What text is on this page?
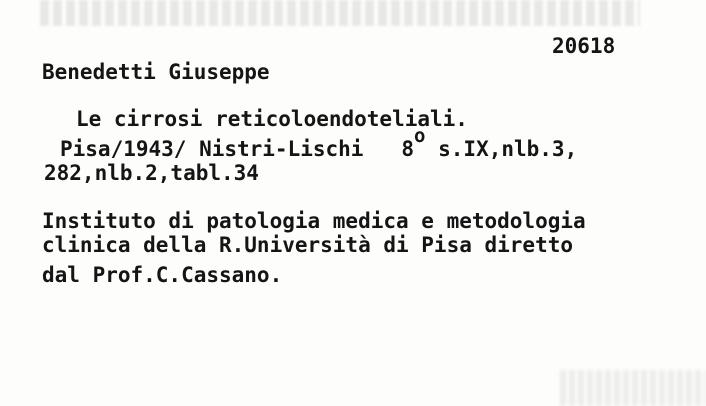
20618
Benedetti Giuseppe
Le cirrosi reticoloendoteliali.
Pisa/1943/ Nistri-Lischi 8o s.IX,nlb.3,
282,nlb.2,tabl.34
Instituto di patologia medica e metodologia
clinica della R.Università di Pisa diretto
dal Prof.C.Cassano.
